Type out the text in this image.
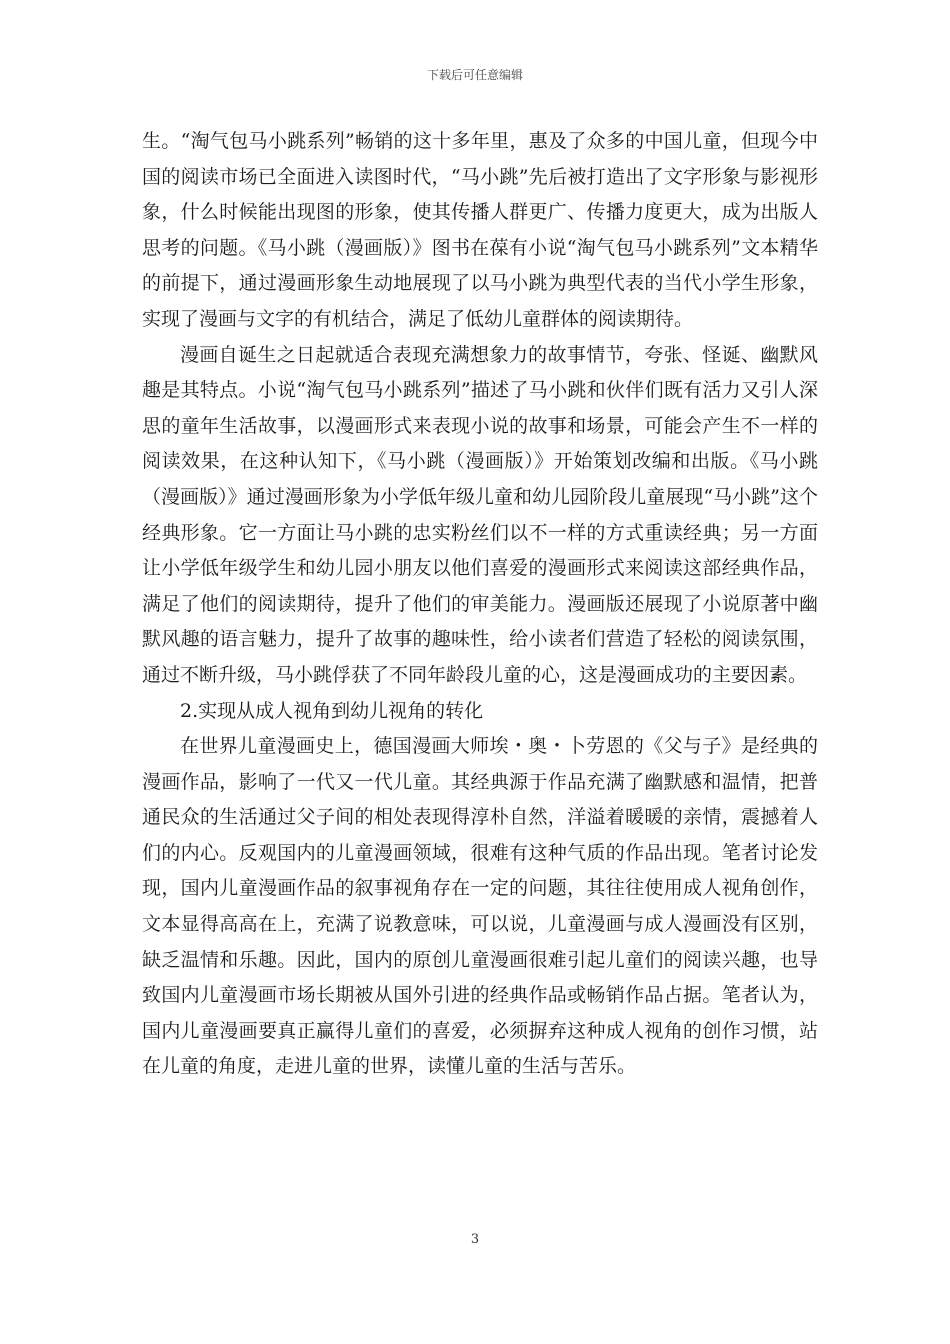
下载后可任意编辑

生。“淘气包马小跳系列”畅销的这十多年里，惠及了众多的中国儿童，但现今中国的阅读市场已全面进入读图时代，“马小跳”先后被打造出了文字形象与影视形象，什么时候能出现图的形象，使其传播人群更广、传播力度更大，成为出版人思考的问题。《马小跳（漫画版）》图书在葆有小说“淘气包马小跳系列”文本精华的前提下，通过漫画形象生动地展现了以马小跳为典型代表的当代小学生形象，实现了漫画与文字的有机结合，满足了低幼儿童群体的阅读期待。

漫画自诞生之日起就适合表现充满想象力的故事情节，夸张、怪诞、幽默风趣是其特点。小说“淘气包马小跳系列”描述了马小跳和伙伴们既有活力又引人深思的童年生活故事，以漫画形式来表现小说的故事和场景，可能会产生不一样的阅读效果，在这种认知下，《马小跳（漫画版）》开始策划改编和出版。《马小跳（漫画版）》通过漫画形象为小学低年级儿童和幼儿园阶段儿童展现“马小跳”这个经典形象。它一方面让马小跳的忠实粉丝们以不一样的方式重读经典；另一方面让小学低年级学生和幼儿园小朋友以他们喜爱的漫画形式来阅读这部经典作品，满足了他们的阅读期待，提升了他们的审美能力。漫画版还展现了小说原著中幽默风趣的语言魅力，提升了故事的趣味性，给小读者们营造了轻松的阅读氛围，通过不断升级，马小跳俘获了不同年龄段儿童的心，这是漫画成功的主要因素。

2.实现从成人视角到幼儿视角的转化

在世界儿童漫画史上，德国漫画大师埃・奥・卜劳恩的《父与子》是经典的漫画作品，影响了一代又一代儿童。其经典源于作品充满了幽默感和温情，把普通民众的生活通过父子间的相处表现得淳朴自然，洋溢着暖暖的亲情，震撼着人们的内心。反观国内的儿童漫画领域，很难有这种气质的作品出现。笔者讨论发现，国内儿童漫画作品的叙事视角存在一定的问题，其往往使用成人视角创作，文本显得高高在上，充满了说教意味，可以说，儿童漫画与成人漫画没有区别，缺乏温情和乐趣。因此，国内的原创儿童漫画很难引起儿童们的阅读兴趣，也导致国内儿童漫画市场长期被从国外引进的经典作品或畅销作品占据。笔者认为，国内儿童漫画要真正赢得儿童们的喜爱，必须摒弃这种成人视角的创作习惯，站在儿童的角度，走进儿童的世界，读懂儿童的生活与苦乐。

3
